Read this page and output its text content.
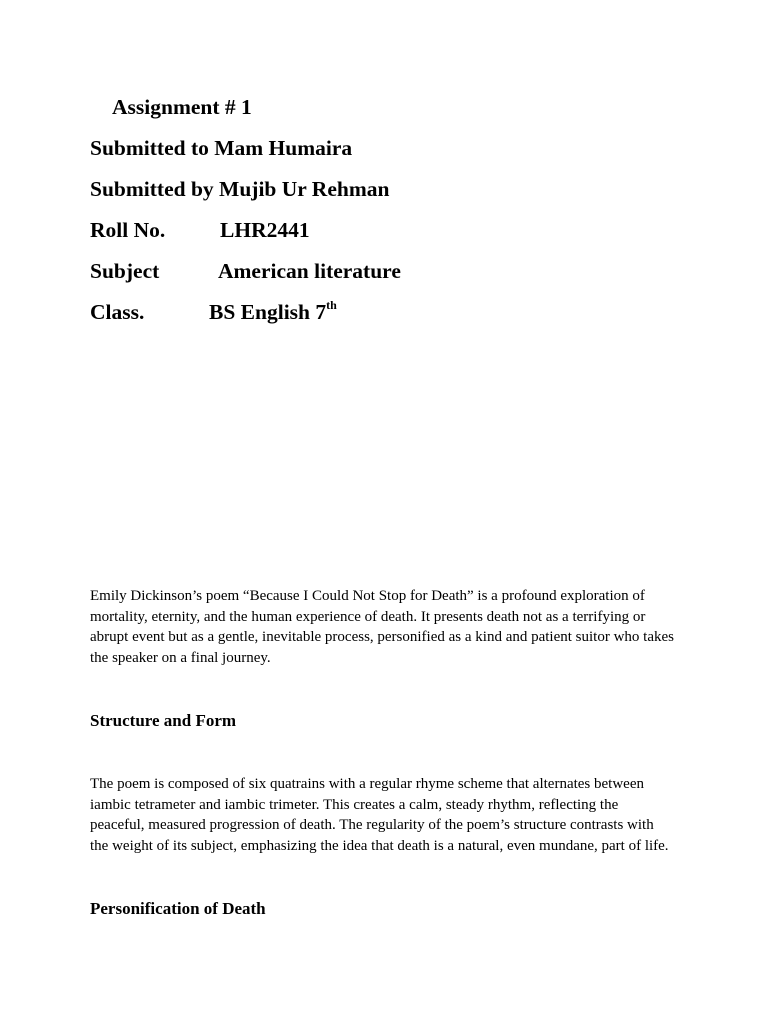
Assignment # 1
Submitted to Mam Humaira
Submitted by Mujib Ur Rehman
Roll No.	LHR2441
Subject	American literature
Class.	BS English 7th
Emily Dickinson’s poem “Because I Could Not Stop for Death” is a profound exploration of
mortality, eternity, and the human experience of death. It presents death not as a terrifying or
abrupt event but as a gentle, inevitable process, personified as a kind and patient suitor who takes
the speaker on a final journey.
Structure and Form
The poem is composed of six quatrains with a regular rhyme scheme that alternates between
iambic tetrameter and iambic trimeter. This creates a calm, steady rhythm, reflecting the
peaceful, measured progression of death. The regularity of the poem’s structure contrasts with
the weight of its subject, emphasizing the idea that death is a natural, even mundane, part of life.
Personification of Death
